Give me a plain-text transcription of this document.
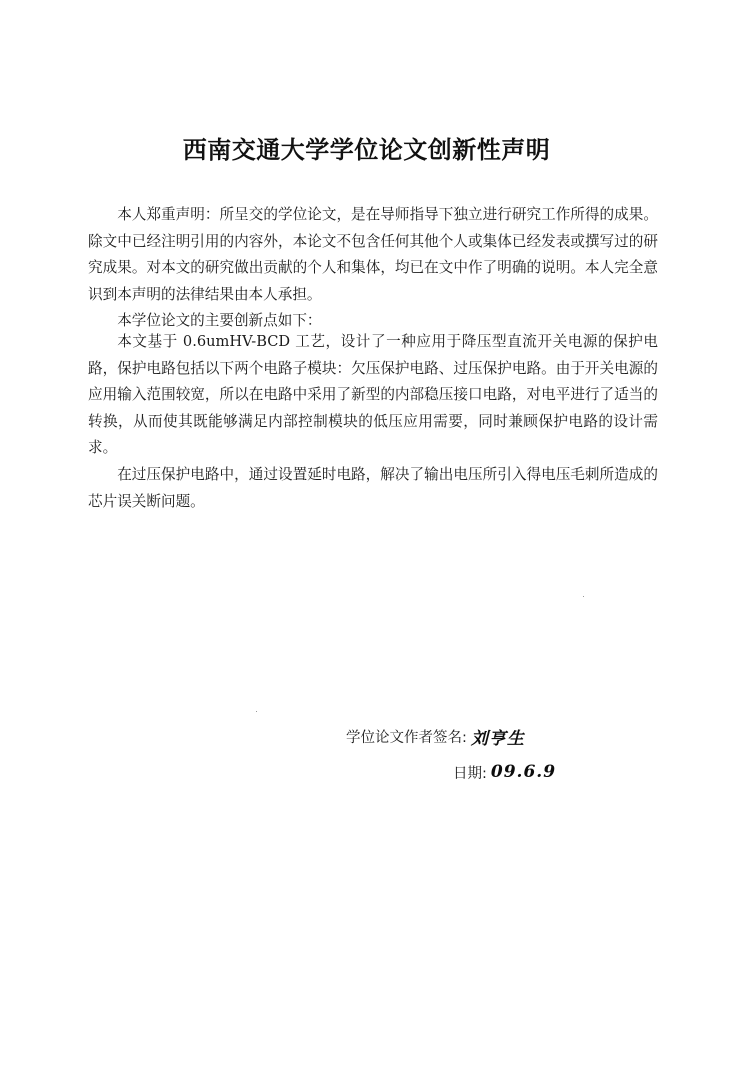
西南交通大学学位论文创新性声明

本人郑重声明：所呈交的学位论文，是在导师指导下独立进行研究工作所得的成果。除文中已经注明引用的内容外，本论文不包含任何其他个人或集体已经发表或撰写过的研究成果。对本文的研究做出贡献的个人和集体，均已在文中作了明确的说明。本人完全意识到本声明的法律结果由本人承担。

本学位论文的主要创新点如下：

本文基于 0.6umHV-BCD 工艺，设计了一种应用于降压型直流开关电源的保护电路，保护电路包括以下两个电路子模块：欠压保护电路、过压保护电路。由于开关电源的应用输入范围较宽，所以在电路中采用了新型的内部稳压接口电路，对电平进行了适当的转换，从而使其既能够满足内部控制模块的低压应用需要，同时兼顾保护电路的设计需求。

在过压保护电路中，通过设置延时电路，解决了输出电压所引入得电压毛刺所造成的芯片误关断问题。

学位论文作者签名: 刘亨生
日期: 09.6.9
